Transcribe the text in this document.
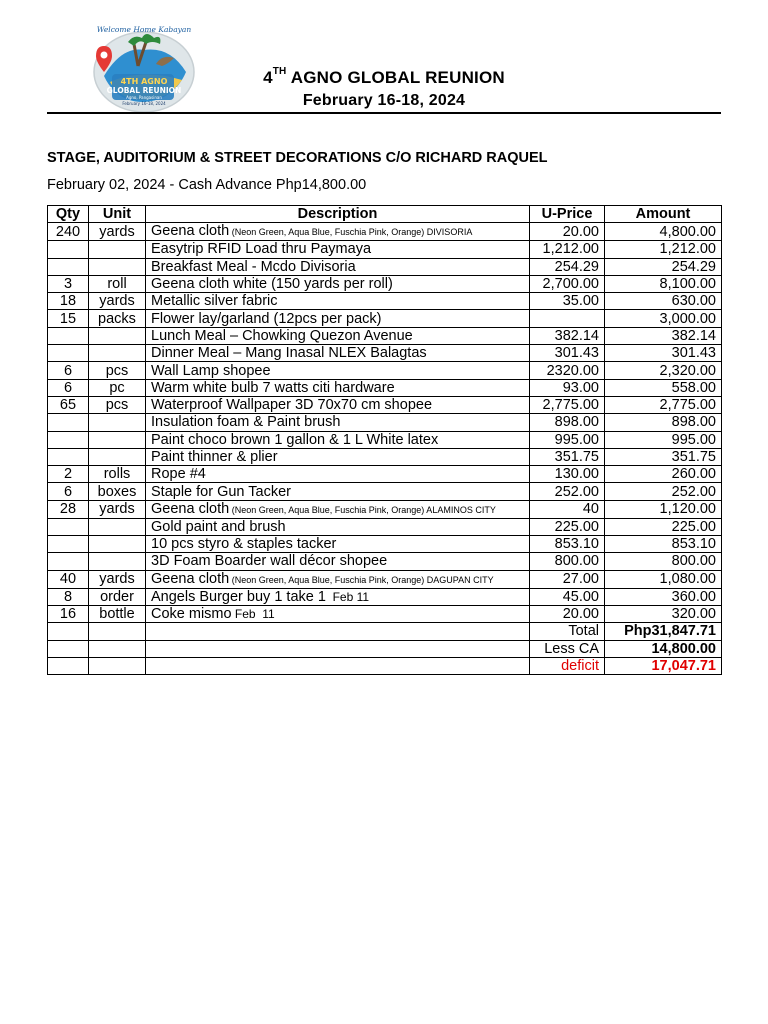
Welcome Home Kabayan
4TH AGNO
GLOBAL REUNION
Agno, Pangasinan
February 16-18, 2024
4TH AGNO GLOBAL REUNION
February 16-18, 2024
STAGE, AUDITORIUM & STREET DECORATIONS C/O RICHARD RAQUEL
February 02, 2024 - Cash Advance Php14,800.00
Qty	Unit	Description	U-Price	Amount
240	yards	Geena cloth (Neon Green, Aqua Blue, Fuschia Pink, Orange) DIVISORIA	20.00	4,800.00
		Easytrip RFID Load thru Paymaya	1,212.00	1,212.00
		Breakfast Meal - Mcdo Divisoria	254.29	254.29
3	roll	Geena cloth white (150 yards per roll)	2,700.00	8,100.00
18	yards	Metallic silver fabric	35.00	630.00
15	packs	Flower lay/garland (12pcs per pack)		3,000.00
		Lunch Meal – Chowking Quezon Avenue	382.14	382.14
		Dinner Meal – Mang Inasal NLEX Balagtas	301.43	301.43
6	pcs	Wall Lamp shopee	2320.00	2,320.00
6	pc	Warm white bulb 7 watts citi hardware	93.00	558.00
65	pcs	Waterproof Wallpaper 3D 70x70 cm shopee	2,775.00	2,775.00
		Insulation foam & Paint brush	898.00	898.00
		Paint choco brown 1 gallon & 1 L White latex	995.00	995.00
		Paint thinner & plier	351.75	351.75
2	rolls	Rope #4	130.00	260.00
6	boxes	Staple for Gun Tacker	252.00	252.00
28	yards	Geena cloth (Neon Green, Aqua Blue, Fuschia Pink, Orange) ALAMINOS CITY	40	1,120.00
		Gold paint and brush	225.00	225.00
		10 pcs styro & staples tacker	853.10	853.10
		3D Foam Boarder wall décor shopee	800.00	800.00
40	yards	Geena cloth (Neon Green, Aqua Blue, Fuschia Pink, Orange) DAGUPAN CITY	27.00	1,080.00
8	order	Angels Burger buy 1 take 1  Feb 11	45.00	360.00
16	bottle	Coke mismo Feb  11	20.00	320.00
			Total	Php31,847.71
			Less CA	14,800.00
			deficit	17,047.71
